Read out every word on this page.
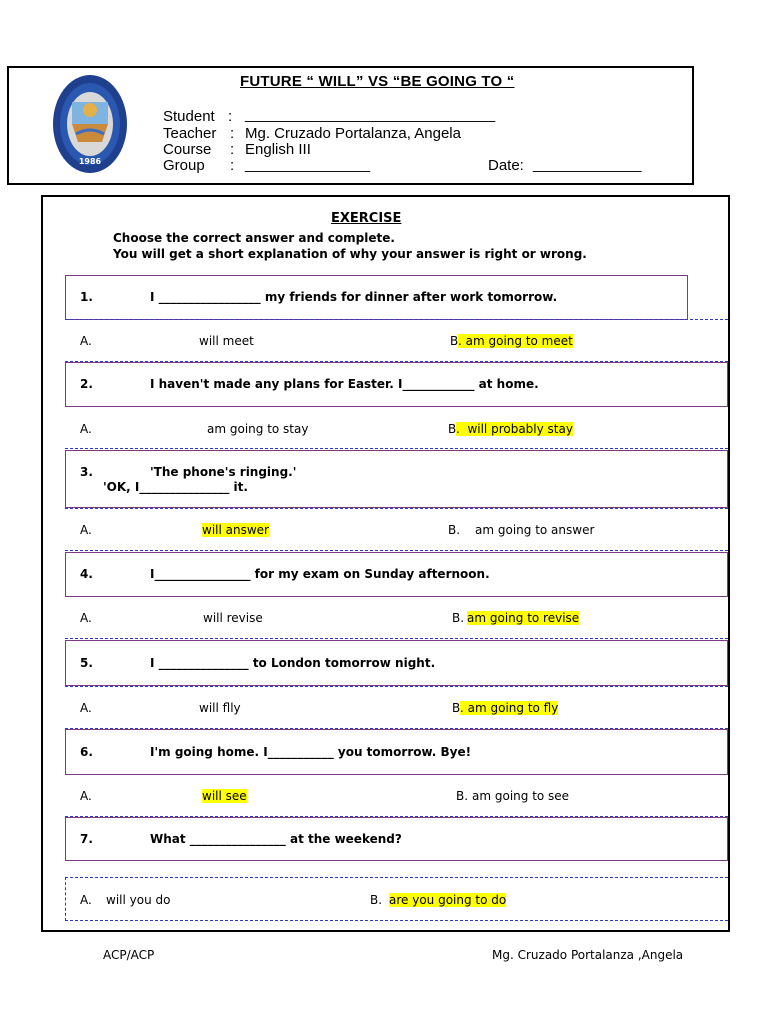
1986
FUTURE “ WILL” VS “BE GOING TO “
Student : ______________________________
Teacher : Mg. Cruzado Portalanza, Angela
Course : English III
Group : _______________	Date: _____________
EXERCISE
Choose the correct answer and complete.
You will get a short explanation of why your answer is right or wrong.
1.	I _________________ my friends for dinner after work tomorrow.
A.	will meet	B . am going to meet
2.	I haven't made any plans for Easter. I____________ at home.
A.	am going to stay	B .  will probably stay
3.	'The phone's ringing.'
'OK, I_______________ it.
A.	will answer	B. am going to answer
4.	I________________ for my exam on Sunday afternoon.
A.	will revise	B. am going to revise
5.	I _______________ to London tomorrow night.
A.	will flly	B . am going to fly
6.	I'm going home. I___________ you tomorrow. Bye!
A.	will see	B. am going to see
7.	What ________________ at the weekend?
A. will you do	B. are you going to do
ACP/ACP	Mg. Cruzado Portalanza ,Angela
